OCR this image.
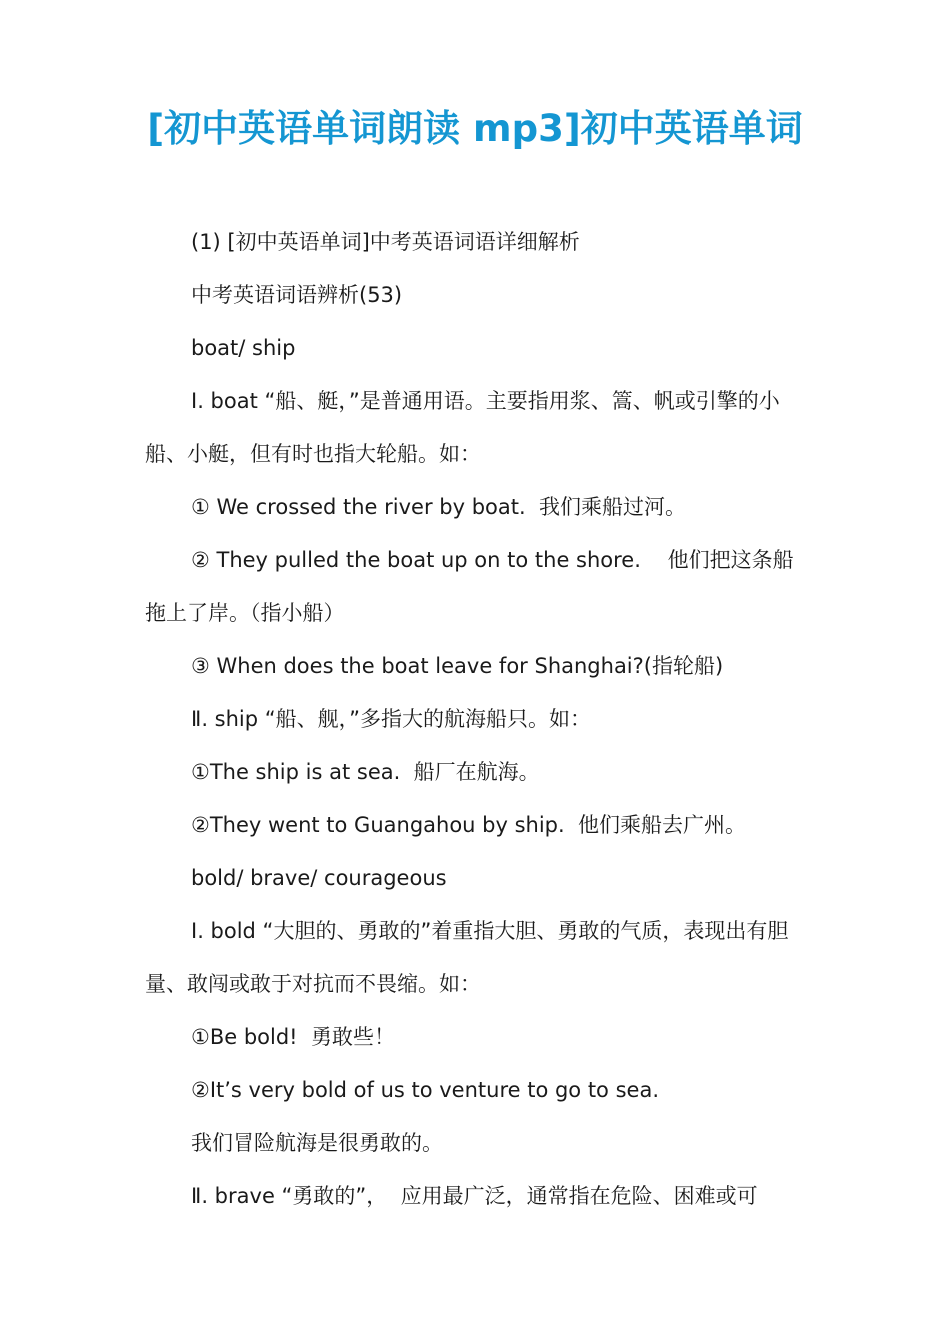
[初中英语单词朗读 mp3]初中英语单词

(1) [初中英语单词]中考英语词语详细解析

中考英语词语辨析(53)

boat/ ship

Ⅰ. boat “船、艇，”是普通用语。主要指用浆、篙、帆或引擎的小船、小艇，但有时也指大轮船。如：

① We crossed the river by boat.  我们乘船过河。

② They pulled the boat up on to the shore.    他们把这条船拖上了岸。（指小船）

③ When does the boat leave for Shanghai?(指轮船)

Ⅱ. ship “船、舰，”多指大的航海船只。如：

①The ship is at sea.  船厂在航海。

②They went to Guangahou by ship.  他们乘船去广州。

bold/ brave/ courageous

Ⅰ. bold “大胆的、勇敢的”着重指大胆、勇敢的气质，表现出有胆量、敢闯或敢于对抗而不畏缩。如：

①Be bold!  勇敢些！

②It’s very bold of us to venture to go to sea.

我们冒险航海是很勇敢的。

Ⅱ. brave “勇敢的”，  应用最广泛，通常指在危险、困难或可
